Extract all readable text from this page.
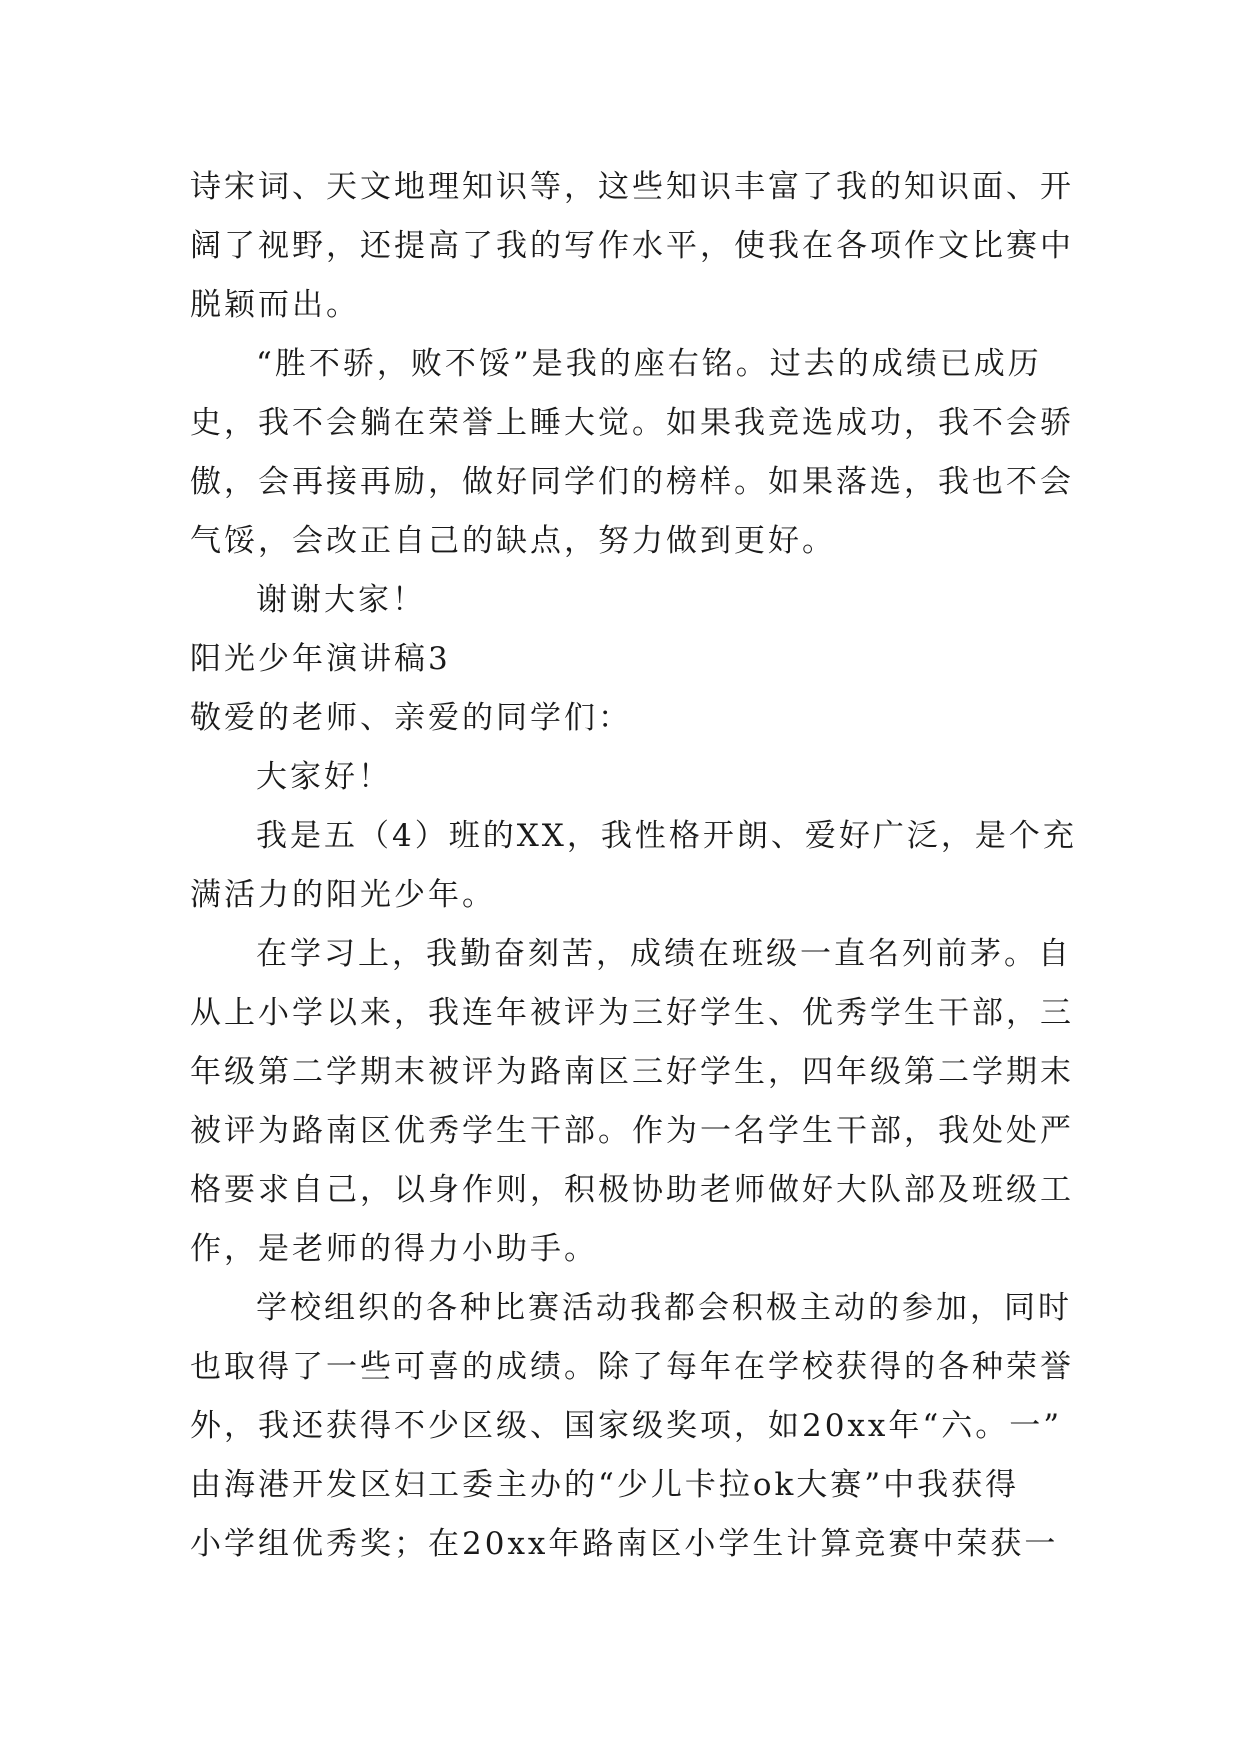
诗宋词、天文地理知识等，这些知识丰富了我的知识面、开
阔了视野，还提高了我的写作水平，使我在各项作文比赛中
脱颖而出。

“胜不骄，败不馁”是我的座右铭。过去的成绩已成历
史，我不会躺在荣誉上睡大觉。如果我竞选成功，我不会骄
傲，会再接再励，做好同学们的榜样。如果落选，我也不会
气馁，会改正自己的缺点，努力做到更好。

谢谢大家！

阳光少年演讲稿3

敬爱的老师、亲爱的同学们：

大家好！

我是五（4）班的XX，我性格开朗、爱好广泛，是个充
满活力的阳光少年。

在学习上，我勤奋刻苦，成绩在班级一直名列前茅。自
从上小学以来，我连年被评为三好学生、优秀学生干部，三
年级第二学期末被评为路南区三好学生，四年级第二学期末
被评为路南区优秀学生干部。作为一名学生干部，我处处严
格要求自己，以身作则，积极协助老师做好大队部及班级工
作，是老师的得力小助手。

学校组织的各种比赛活动我都会积极主动的参加，同时
也取得了一些可喜的成绩。除了每年在学校获得的各种荣誉
外，我还获得不少区级、国家级奖项，如20xx年“六。一”
由海港开发区妇工委主办的“少儿卡拉ok大赛”中我获得
小学组优秀奖；在20xx年路南区小学生计算竞赛中荣获一
